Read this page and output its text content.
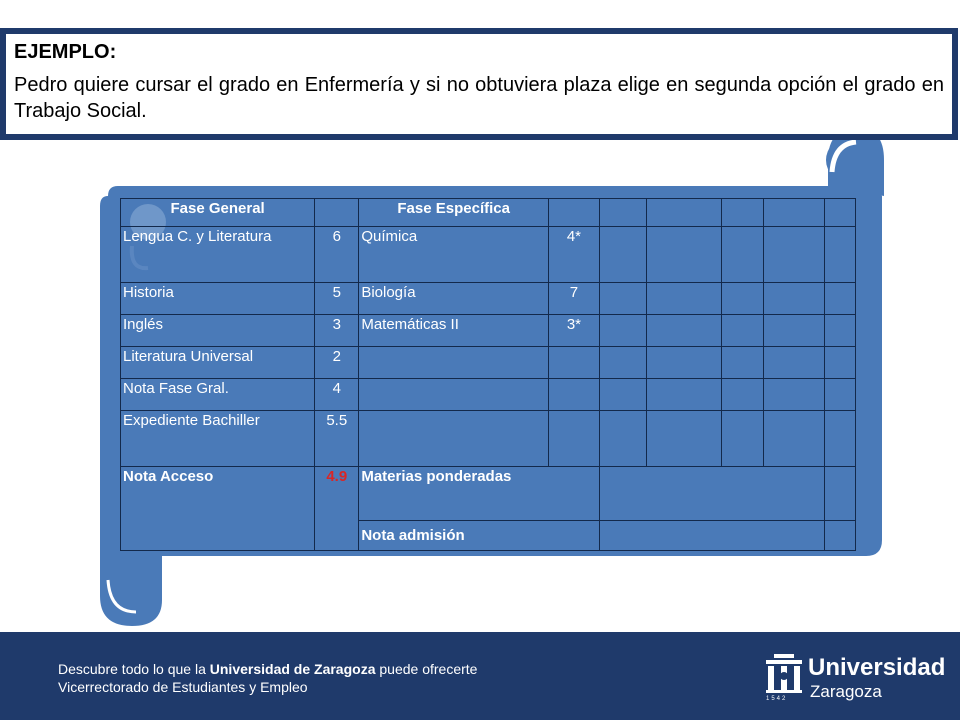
EJEMPLO:

Pedro quiere cursar el grado en Enfermería y si no obtuviera plaza elige en segunda opción el grado en Trabajo Social.

Fase General		Fase Específica						
Lengua C. y Literatura	6	Química	4*					
Historia	5	Biología	7					
Inglés	3	Matemáticas II	3*					
Literatura Universal	2							
Nota Fase Gral.	4							
Expediente Bachiller	5.5							
Nota Acceso	4.9	Materias ponderadas						
		Nota admisión						
Descubre todo lo que la Universidad de Zaragoza puede ofrecerte
Vicerrectorado de Estudiantes y Empleo
1542
Universidad
Zaragoza
